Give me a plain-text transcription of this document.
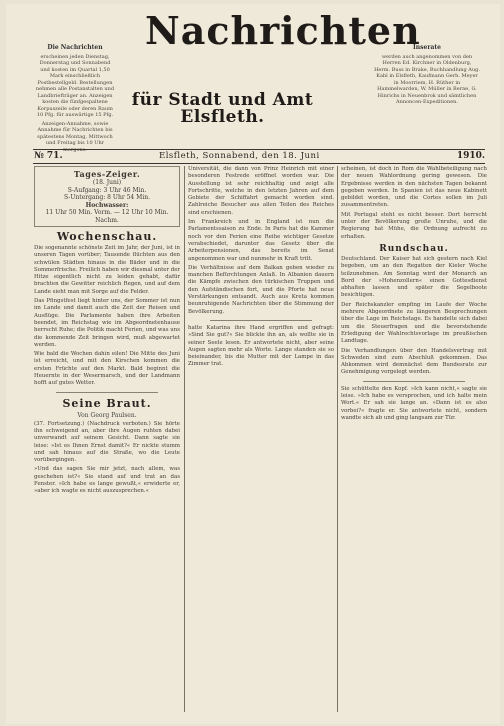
Die Nachrichten
erscheinen jeden Dienstag, Donnerstag und Sonnabend und kosten im Quartal 1,50 Mark einschließlich Postbestellgeld. Bestellungen nehmen alle Postanstalten und Landbriefträger an. Anzeigen kosten die fünfgespaltene Korpuszeile oder deren Raum 10 Pfg. für auswärtige 15 Pfg.
Anzeigen-Annahme, sowie Annahme für Nachrichten bis spätestens Montag, Mittwoch und Freitag bis 10 Uhr
Nachrichten
für Stadt und Amt Elsfleth.
Inserate
werden auch angenommen von den Herren Ed. Kirchner in Oldenburg, Herm. Buss in Brake, Buchhandlung Aug. Kahl in Elsfleth, Kaufmann Gerh. Meyer in Moorriem, H. Rüther in Hammelwarden, W. Müller in Berne, G. Hinrichs in Neuenbrok und sämtlichen Annoncen-Expeditionen.
№ 71.	Elsfleth, Sonnabend, den 18. Juni	1910.
Tages-Zeiger.
(18. Juni)
S-Aufgang: 3 Uhr 46 Min.
S-Untergang: 8 Uhr 54 Min.
Hochwasser:
11 Uhr 50 Min. Vorm. — 12 Uhr 10 Min. Nachm.
Wochenschau.

Die sogenannte schönste Zeit im Jahr, der Juni, ist in unseren Tagen vorüber; Tausende flüchten aus den schwülen Städten hinaus in die Bäder und in die Sommerfrische. Freilich haben wir diesmal unter der Hitze eigentlich nicht zu leiden gehabt, dafür brachten die Gewitter reichlich Regen, und auf dem Lande sieht man mit Sorge auf die Felder.

Das Pfingstfest liegt hinter uns, der Sommer ist nun im Lande und damit auch die Zeit der Reisen und Ausflüge. Die Parlamente haben ihre Arbeiten beendet, im Reichstag wie im Abgeordnetenhause herrscht Ruhe; die Politik macht Ferien, und was uns die kommende Zeit bringen wird, muß abgewartet werden.

Wie bald die Wochen dahin eilen! Die Mitte des Juni ist erreicht, und mit den Kirschen kommen die ersten Früchte auf den Markt. Bald beginnt die Heuernte in der Wesermarsch, und der Landmann hofft auf gutes Wetter.

Seine Braut.
Von Georg Paulsen.

(37. Fortsetzung.) (Nachdruck verboten.) Sie hörte ihn schweigend an, aber ihre Augen ruhten dabei unverwandt auf seinem Gesicht. Dann sagte sie leise: »Ist es Ihnen Ernst damit?« Er nickte stumm und sah hinaus auf die Straße, wo die Leute vorübergingen.

»Und das sagen Sie mir jetzt, nach allem, was geschehen ist?« Sie stand auf und trat an das Fenster. »Ich habe es lange gewußt,« erwiderte er, »aber ich wagte es nicht auszusprechen.«

Universität, die dann von Prinz Heinrich mit einer besonderen Festrede eröffnet worden war. Die Ausstellung ist sehr reichhaltig und zeigt alle Fortschritte, welche in den letzten Jahren auf dem Gebiete der Schiffahrt gemacht worden sind. Zahlreiche Besucher aus allen Teilen des Reiches sind erschienen.

Im Frankreich und in England ist nun die Parlamentssaison zu Ende. In Paris hat die Kammer noch vor den Ferien eine Reihe wichtiger Gesetze verabschiedet, darunter das Gesetz über die Arbeiterpensionen, das bereits im Senat angenommen war und nunmehr in Kraft tritt.

Die Verhältnisse auf dem Balkan geben wieder zu manchen Befürchtungen Anlaß. In Albanien dauern die Kämpfe zwischen den türkischen Truppen und den Aufständischen fort, und die Pforte hat neue Verstärkungen entsandt. Auch aus Kreta kommen beunruhigende Nachrichten über die Stimmung der Bevölkerung.

hatte Katarina ihre Hand ergriffen und gefragt: »Sind Sie gut?« Sie blickte ihn an, als wollte sie in seiner Seele lesen. Er antwortete nicht, aber seine Augen sagten mehr als Worte. Lange standen sie so beieinander, bis die Mutter mit der Lampe in das Zimmer trat.

scheinen, ist doch in Rom die Wahlbeteiligung nach der neuen Wahlordnung gering gewesen. Die Ergebnisse werden in den nächsten Tagen bekannt gegeben werden. In Spanien ist das neue Kabinett gebildet worden, und die Cortes sollen im Juli zusammentreten.

Mit Portugal steht es nicht besser. Dort herrscht unter der Bevölkerung große Unruhe, und die Regierung hat Mühe, die Ordnung aufrecht zu erhalten.

Rundschau.

Deutschland. Der Kaiser hat sich gestern nach Kiel begeben, um an den Regatten der Kieler Woche teilzunehmen. Am Sonntag wird der Monarch an Bord der »Hohenzollern« einen Gottesdienst abhalten lassen und später die Segelboote besichtigen.

Der Reichskanzler empfing im Laufe der Woche mehrere Abgeordnete zu längeren Besprechungen über die Lage im Reichstage. Es handelte sich dabei um die Steuerfragen und die bevorstehende Erledigung der Wahlrechtsvorlage im preußischen Landtage.

Die Verhandlungen über den Handelsvertrag mit Schweden sind zum Abschluß gekommen. Das Abkommen wird demnächst dem Bundesrate zur Genehmigung vorgelegt werden.

Sie schüttelte den Kopf. »Ich kann nicht,« sagte sie leise. »Ich habe es versprochen, und ich halte mein Wort.« Er sah sie lange an. »Dann ist es also vorbei?« fragte er. Sie antwortete nicht, sondern wandte sich ab und ging langsam zur Tür.
